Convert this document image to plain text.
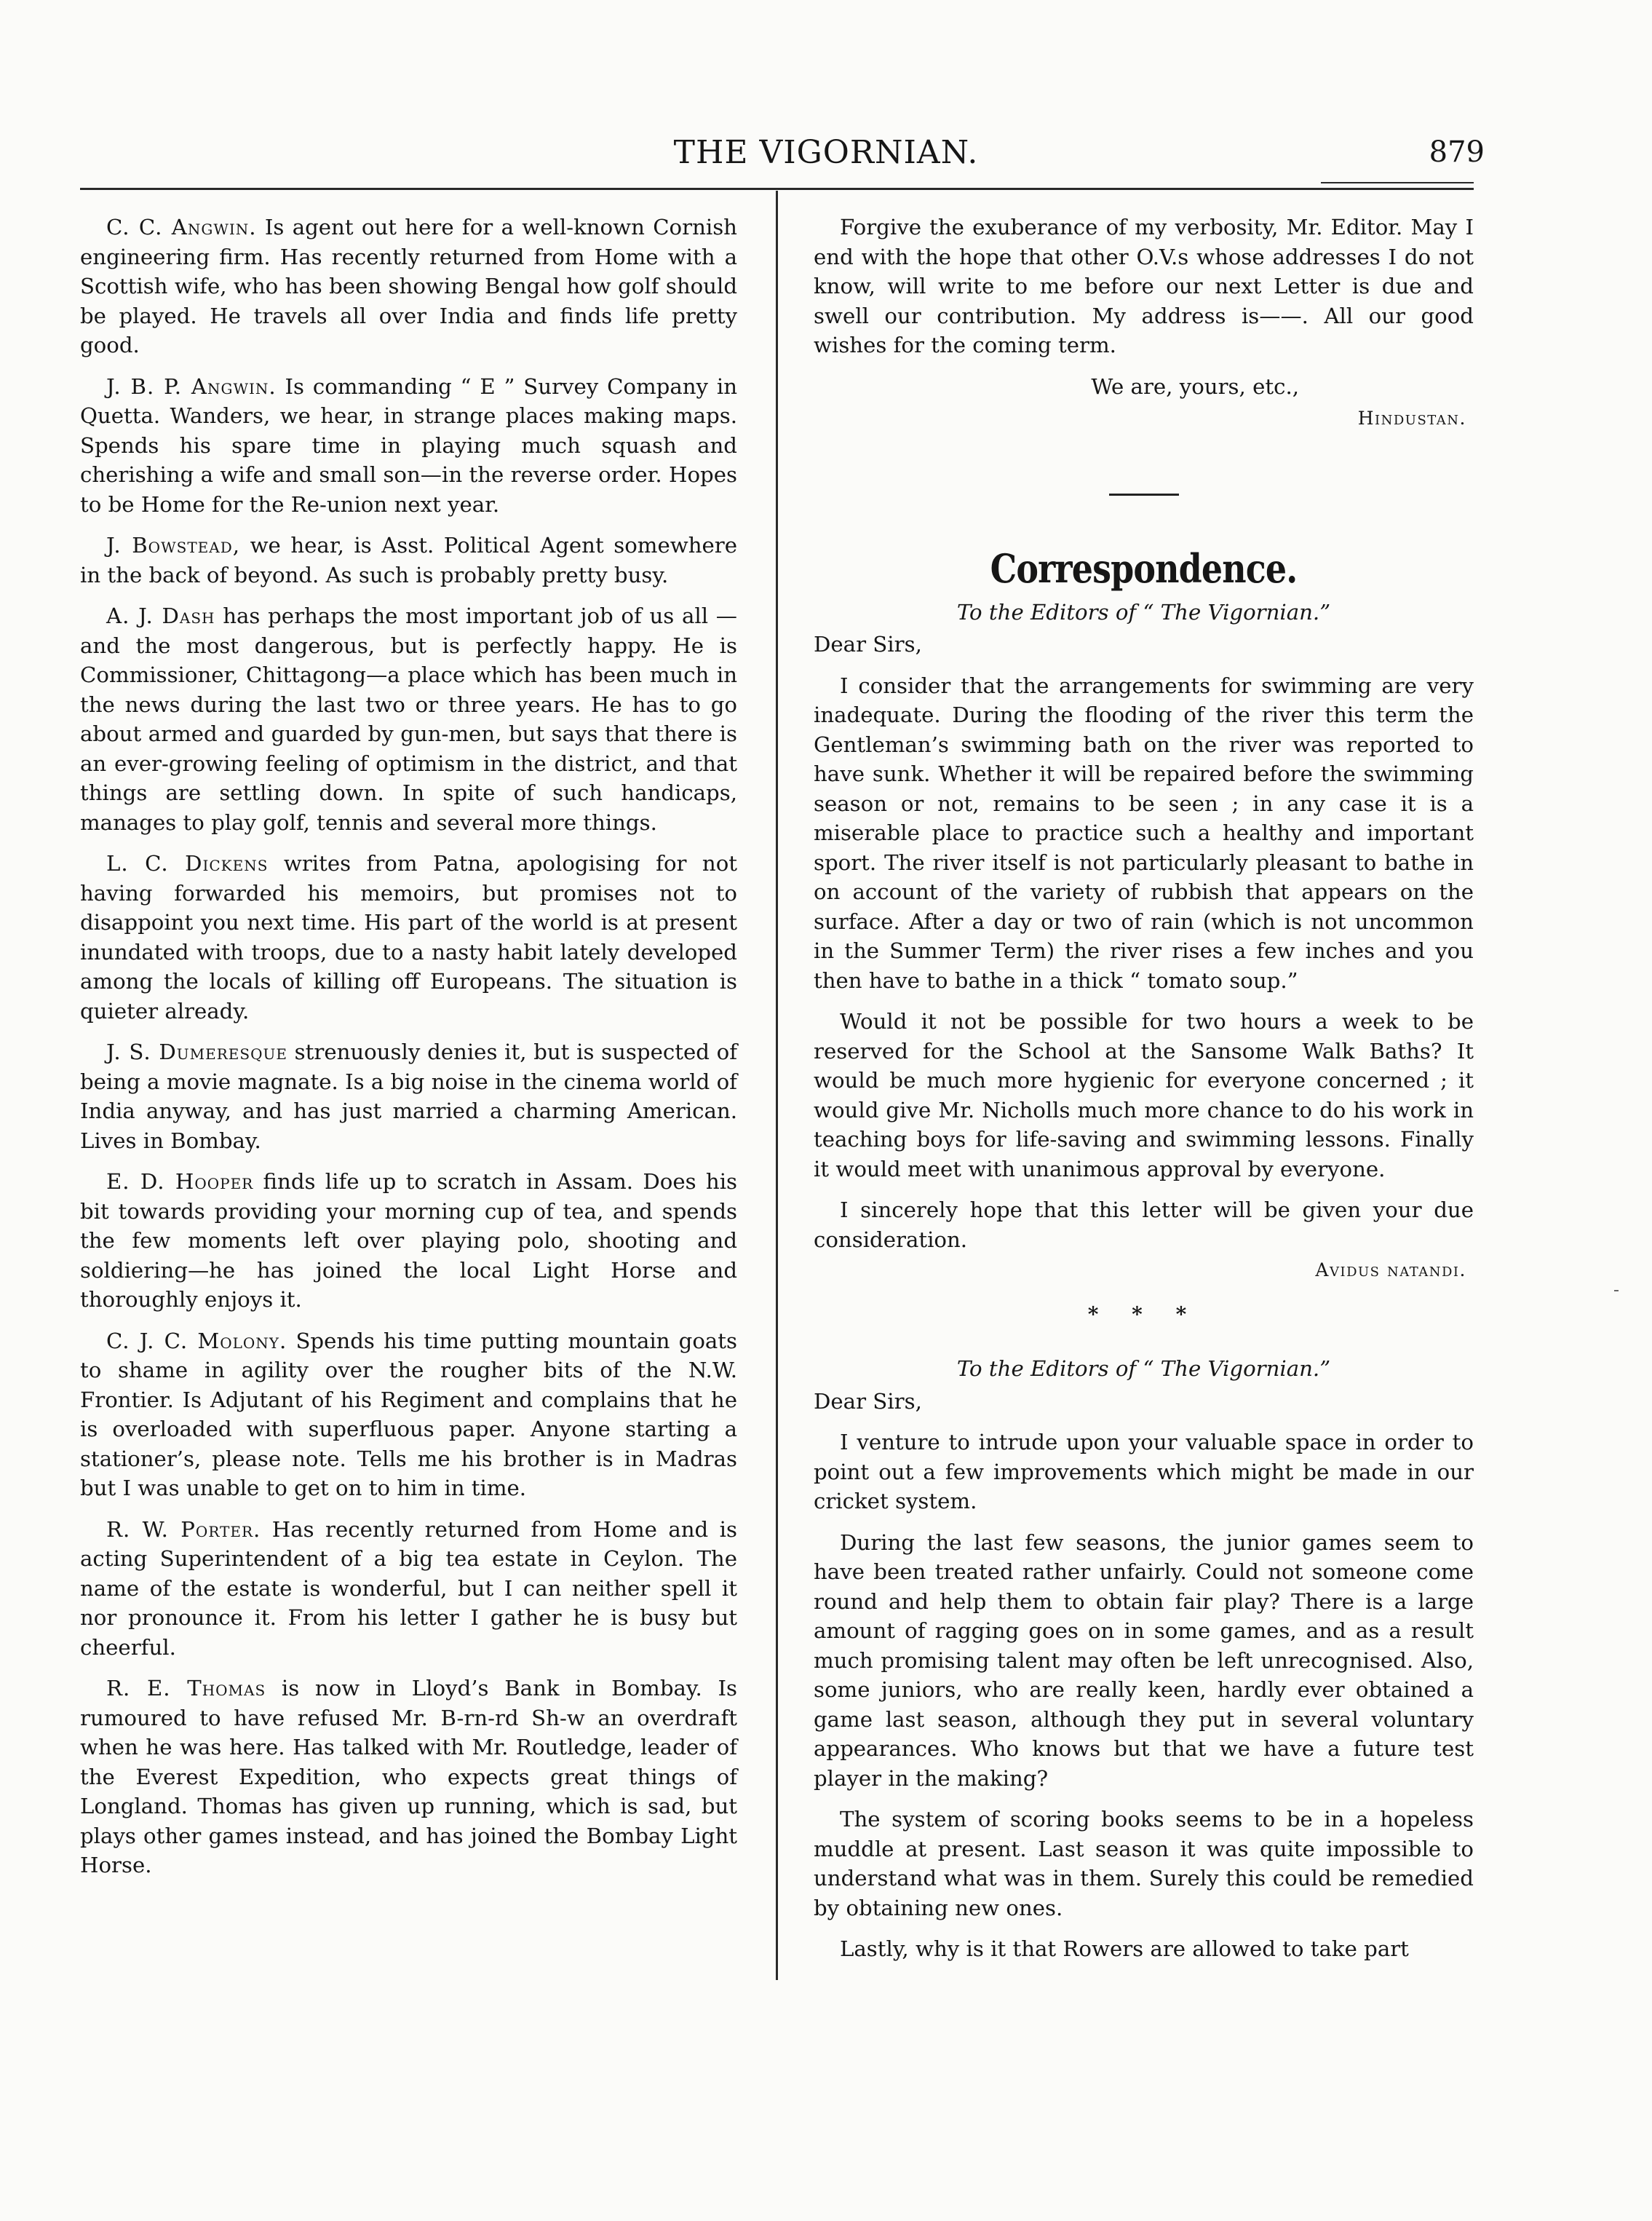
THE VIGORNIAN.	879

C. C. Angwin. Is agent out here for a well-known Cornish engineering firm. Has recently returned from Home with a Scottish wife, who has been showing Bengal how golf should be played. He travels all over India and finds life pretty good.

J. B. P. Angwin. Is commanding “ E ” Survey Company in Quetta. Wanders, we hear, in strange places making maps. Spends his spare time in playing much squash and cherishing a wife and small son—in the reverse order. Hopes to be Home for the Re-union next year.

J. Bowstead, we hear, is Asst. Political Agent somewhere in the back of beyond. As such is probably pretty busy.

A. J. Dash has perhaps the most important job of us all —and the most dangerous, but is perfectly happy. He is Commissioner, Chittagong—a place which has been much in the news during the last two or three years. He has to go about armed and guarded by gun-men, but says that there is an ever-growing feeling of optimism in the district, and that things are settling down. In spite of such handicaps, manages to play golf, tennis and several more things.

L. C. Dickens writes from Patna, apologising for not having forwarded his memoirs, but promises not to disappoint you next time. His part of the world is at present inundated with troops, due to a nasty habit lately developed among the locals of killing off Europeans. The situation is quieter already.

J. S. Dumeresque strenuously denies it, but is suspected of being a movie magnate. Is a big noise in the cinema world of India anyway, and has just married a charming American. Lives in Bombay.

E. D. Hooper finds life up to scratch in Assam. Does his bit towards providing your morning cup of tea, and spends the few moments left over playing polo, shooting and soldiering—he has joined the local Light Horse and thoroughly enjoys it.

C. J. C. Molony. Spends his time putting mountain goats to shame in agility over the rougher bits of the N.W. Frontier. Is Adjutant of his Regiment and complains that he is overloaded with superfluous paper. Anyone starting a stationer’s, please note. Tells me his brother is in Madras but I was unable to get on to him in time.

R. W. Porter. Has recently returned from Home and is acting Superintendent of a big tea estate in Ceylon. The name of the estate is wonderful, but I can neither spell it nor pronounce it. From his letter I gather he is busy but cheerful.

R. E. Thomas is now in Lloyd’s Bank in Bombay. Is rumoured to have refused Mr. B-rn-rd Sh-w an overdraft when he was here. Has talked with Mr. Routledge, leader of the Everest Expedition, who expects great things of Longland. Thomas has given up running, which is sad, but plays other games instead, and has joined the Bombay Light Horse.

Forgive the exuberance of my verbosity, Mr. Editor. May I end with the hope that other O.V.s whose addresses I do not know, will write to me before our next Letter is due and swell our contribution. My address is——. All our good wishes for the coming term.

We are, yours, etc.,

Hindustan.

Correspondence.

To the Editors of “ The Vigornian.”

Dear Sirs,

I consider that the arrangements for swimming are very inadequate. During the flooding of the river this term the Gentleman’s swimming bath on the river was reported to have sunk. Whether it will be repaired before the swimming season or not, remains to be seen ; in any case it is a miserable place to practice such a healthy and important sport. The river itself is not particularly pleasant to bathe in on account of the variety of rubbish that appears on the surface. After a day or two of rain (which is not uncommon in the Summer Term) the river rises a few inches and you then have to bathe in a thick “ tomato soup.”

Would it not be possible for two hours a week to be reserved for the School at the Sansome Walk Baths? It would be much more hygienic for everyone concerned ; it would give Mr. Nicholls much more chance to do his work in teaching boys for life-saving and swimming lessons. Finally it would meet with unanimous approval by everyone.

I sincerely hope that this letter will be given your due consideration.

Avidus natandi.

* * *

To the Editors of “ The Vigornian.”

Dear Sirs,

I venture to intrude upon your valuable space in order to point out a few improvements which might be made in our cricket system.

During the last few seasons, the junior games seem to have been treated rather unfairly. Could not someone come round and help them to obtain fair play? There is a large amount of ragging goes on in some games, and as a result much promising talent may often be left unrecognised. Also, some juniors, who are really keen, hardly ever obtained a game last season, although they put in several voluntary appearances. Who knows but that we have a future test player in the making?

The system of scoring books seems to be in a hopeless muddle at present. Last season it was quite impossible to understand what was in them. Surely this could be remedied by obtaining new ones.

Lastly, why is it that Rowers are allowed to take part
